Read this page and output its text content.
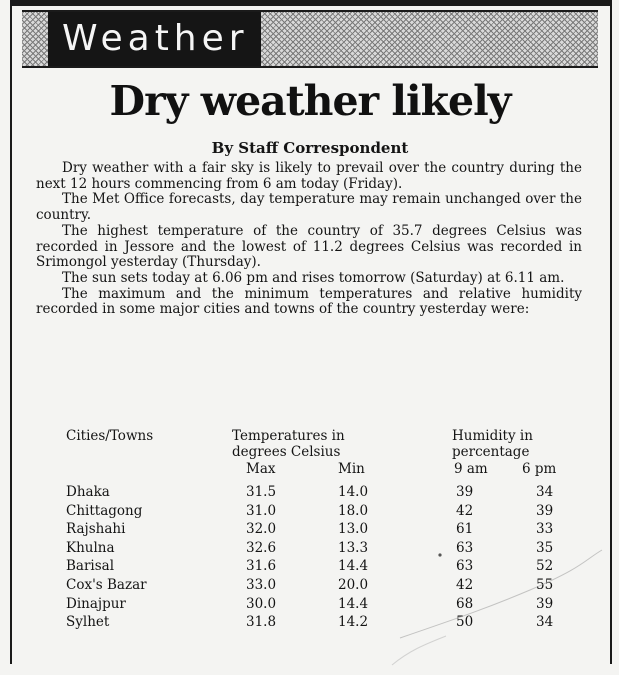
Weather
Dry weather likely
By Staff Correspondent

Dry weather with a fair sky is likely to prevail over the country during the next 12 hours commencing from 6 am today (Friday).

The Met Office forecasts, day temperature may remain unchanged over the country.

The highest temperature of the country of 35.7 degrees Celsius was recorded in Jessore and the lowest of 11.2 degrees Celsius was recorded in Srimongol yesterday (Thursday).

The sun sets today at 6.06 pm and rises tomorrow (Saturday) at 6.11 am.

The maximum and the minimum temperatures and relative humidity recorded in some major cities and towns of the country yesterday were:

Cities/Towns	Temperatures in
degrees Celsius
Humidity in
percentage
Max	Min	9 am	6 pm
Dhaka	31.5	14.0	39	34
Chittagong	31.0	18.0	42	39
Rajshahi	32.0	13.0	61	33
Khulna	32.6	13.3	63	35
Barisal	31.6	14.4	63	52
Cox's Bazar	33.0	20.0	42	55
Dinajpur	30.0	14.4	68	39
Sylhet	31.8	14.2	50	34
